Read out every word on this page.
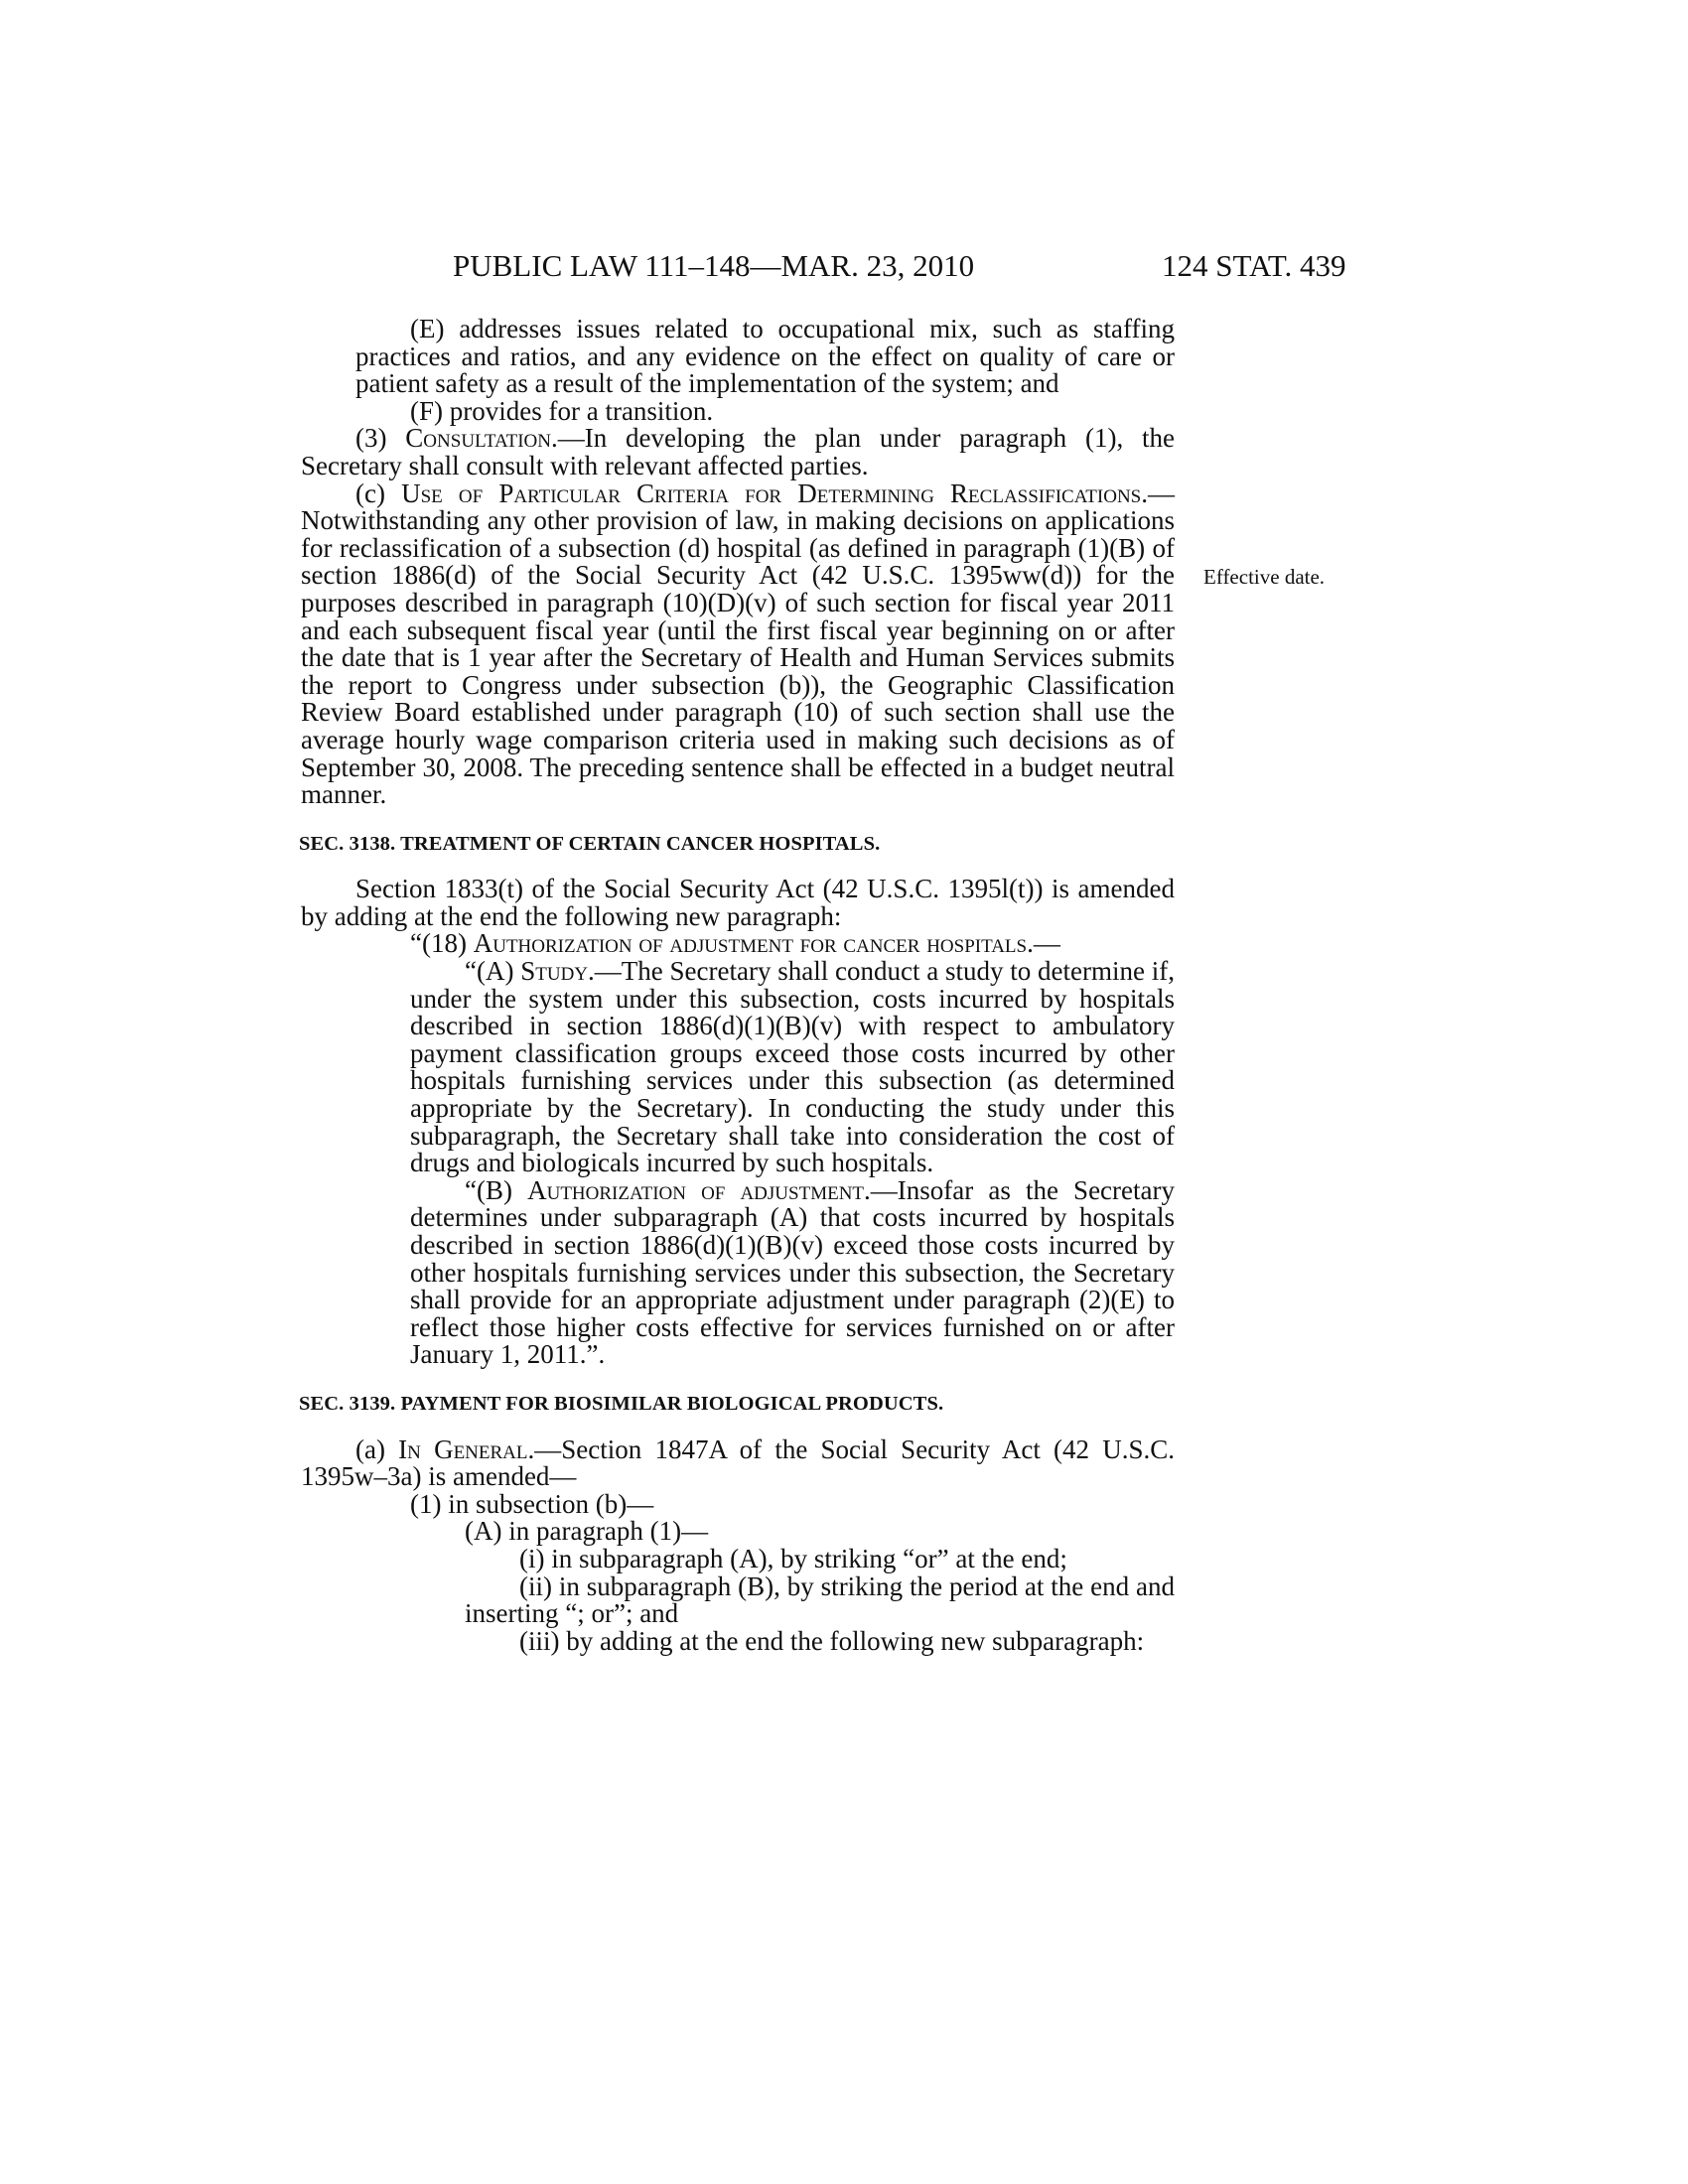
PUBLIC LAW 111–148—MAR. 23, 2010	124 STAT. 439
Effective date.

(E) addresses issues related to occupational mix, such as staffing practices and ratios, and any evidence on the effect on quality of care or patient safety as a result of the implementation of the system; and

(F) provides for a transition.

(3) Consultation.—In developing the plan under paragraph (1), the Secretary shall consult with relevant affected parties.

(c) Use of Particular Criteria for Determining Reclassifications.—Notwithstanding any other provision of law, in making decisions on applications for reclassification of a subsection (d) hospital (as defined in paragraph (1)(B) of section 1886(d) of the Social Security Act (42 U.S.C. 1395ww(d)) for the purposes described in paragraph (10)(D)(v) of such section for fiscal year 2011 and each subsequent fiscal year (until the first fiscal year beginning on or after the date that is 1 year after the Secretary of Health and Human Services submits the report to Congress under subsection (b)), the Geographic Classification Review Board established under paragraph (10) of such section shall use the average hourly wage comparison criteria used in making such decisions as of September 30, 2008. The preceding sentence shall be effected in a budget neutral manner.

SEC. 3138. TREATMENT OF CERTAIN CANCER HOSPITALS.

Section 1833(t) of the Social Security Act (42 U.S.C. 1395l(t)) is amended by adding at the end the following new paragraph:

“(18) Authorization of adjustment for cancer hospitals.—

“(A) Study.—The Secretary shall conduct a study to determine if, under the system under this subsection, costs incurred by hospitals described in section 1886(d)(1)(B)(v) with respect to ambulatory payment classification groups exceed those costs incurred by other hospitals furnishing services under this subsection (as determined appropriate by the Secretary). In conducting the study under this subparagraph, the Secretary shall take into consideration the cost of drugs and biologicals incurred by such hospitals.

“(B) Authorization of adjustment.—Insofar as the Secretary determines under subparagraph (A) that costs incurred by hospitals described in section 1886(d)(1)(B)(v) exceed those costs incurred by other hospitals furnishing services under this subsection, the Secretary shall provide for an appropriate adjustment under paragraph (2)(E) to reflect those higher costs effective for services furnished on or after January 1, 2011.”.

SEC. 3139. PAYMENT FOR BIOSIMILAR BIOLOGICAL PRODUCTS.

(a) In General.—Section 1847A of the Social Security Act (42 U.S.C. 1395w–3a) is amended—

(1) in subsection (b)—

(A) in paragraph (1)—

(i) in subparagraph (A), by striking “or” at the end;

(ii) in subparagraph (B), by striking the period at the end and inserting “; or”; and

(iii) by adding at the end the following new subparagraph:
